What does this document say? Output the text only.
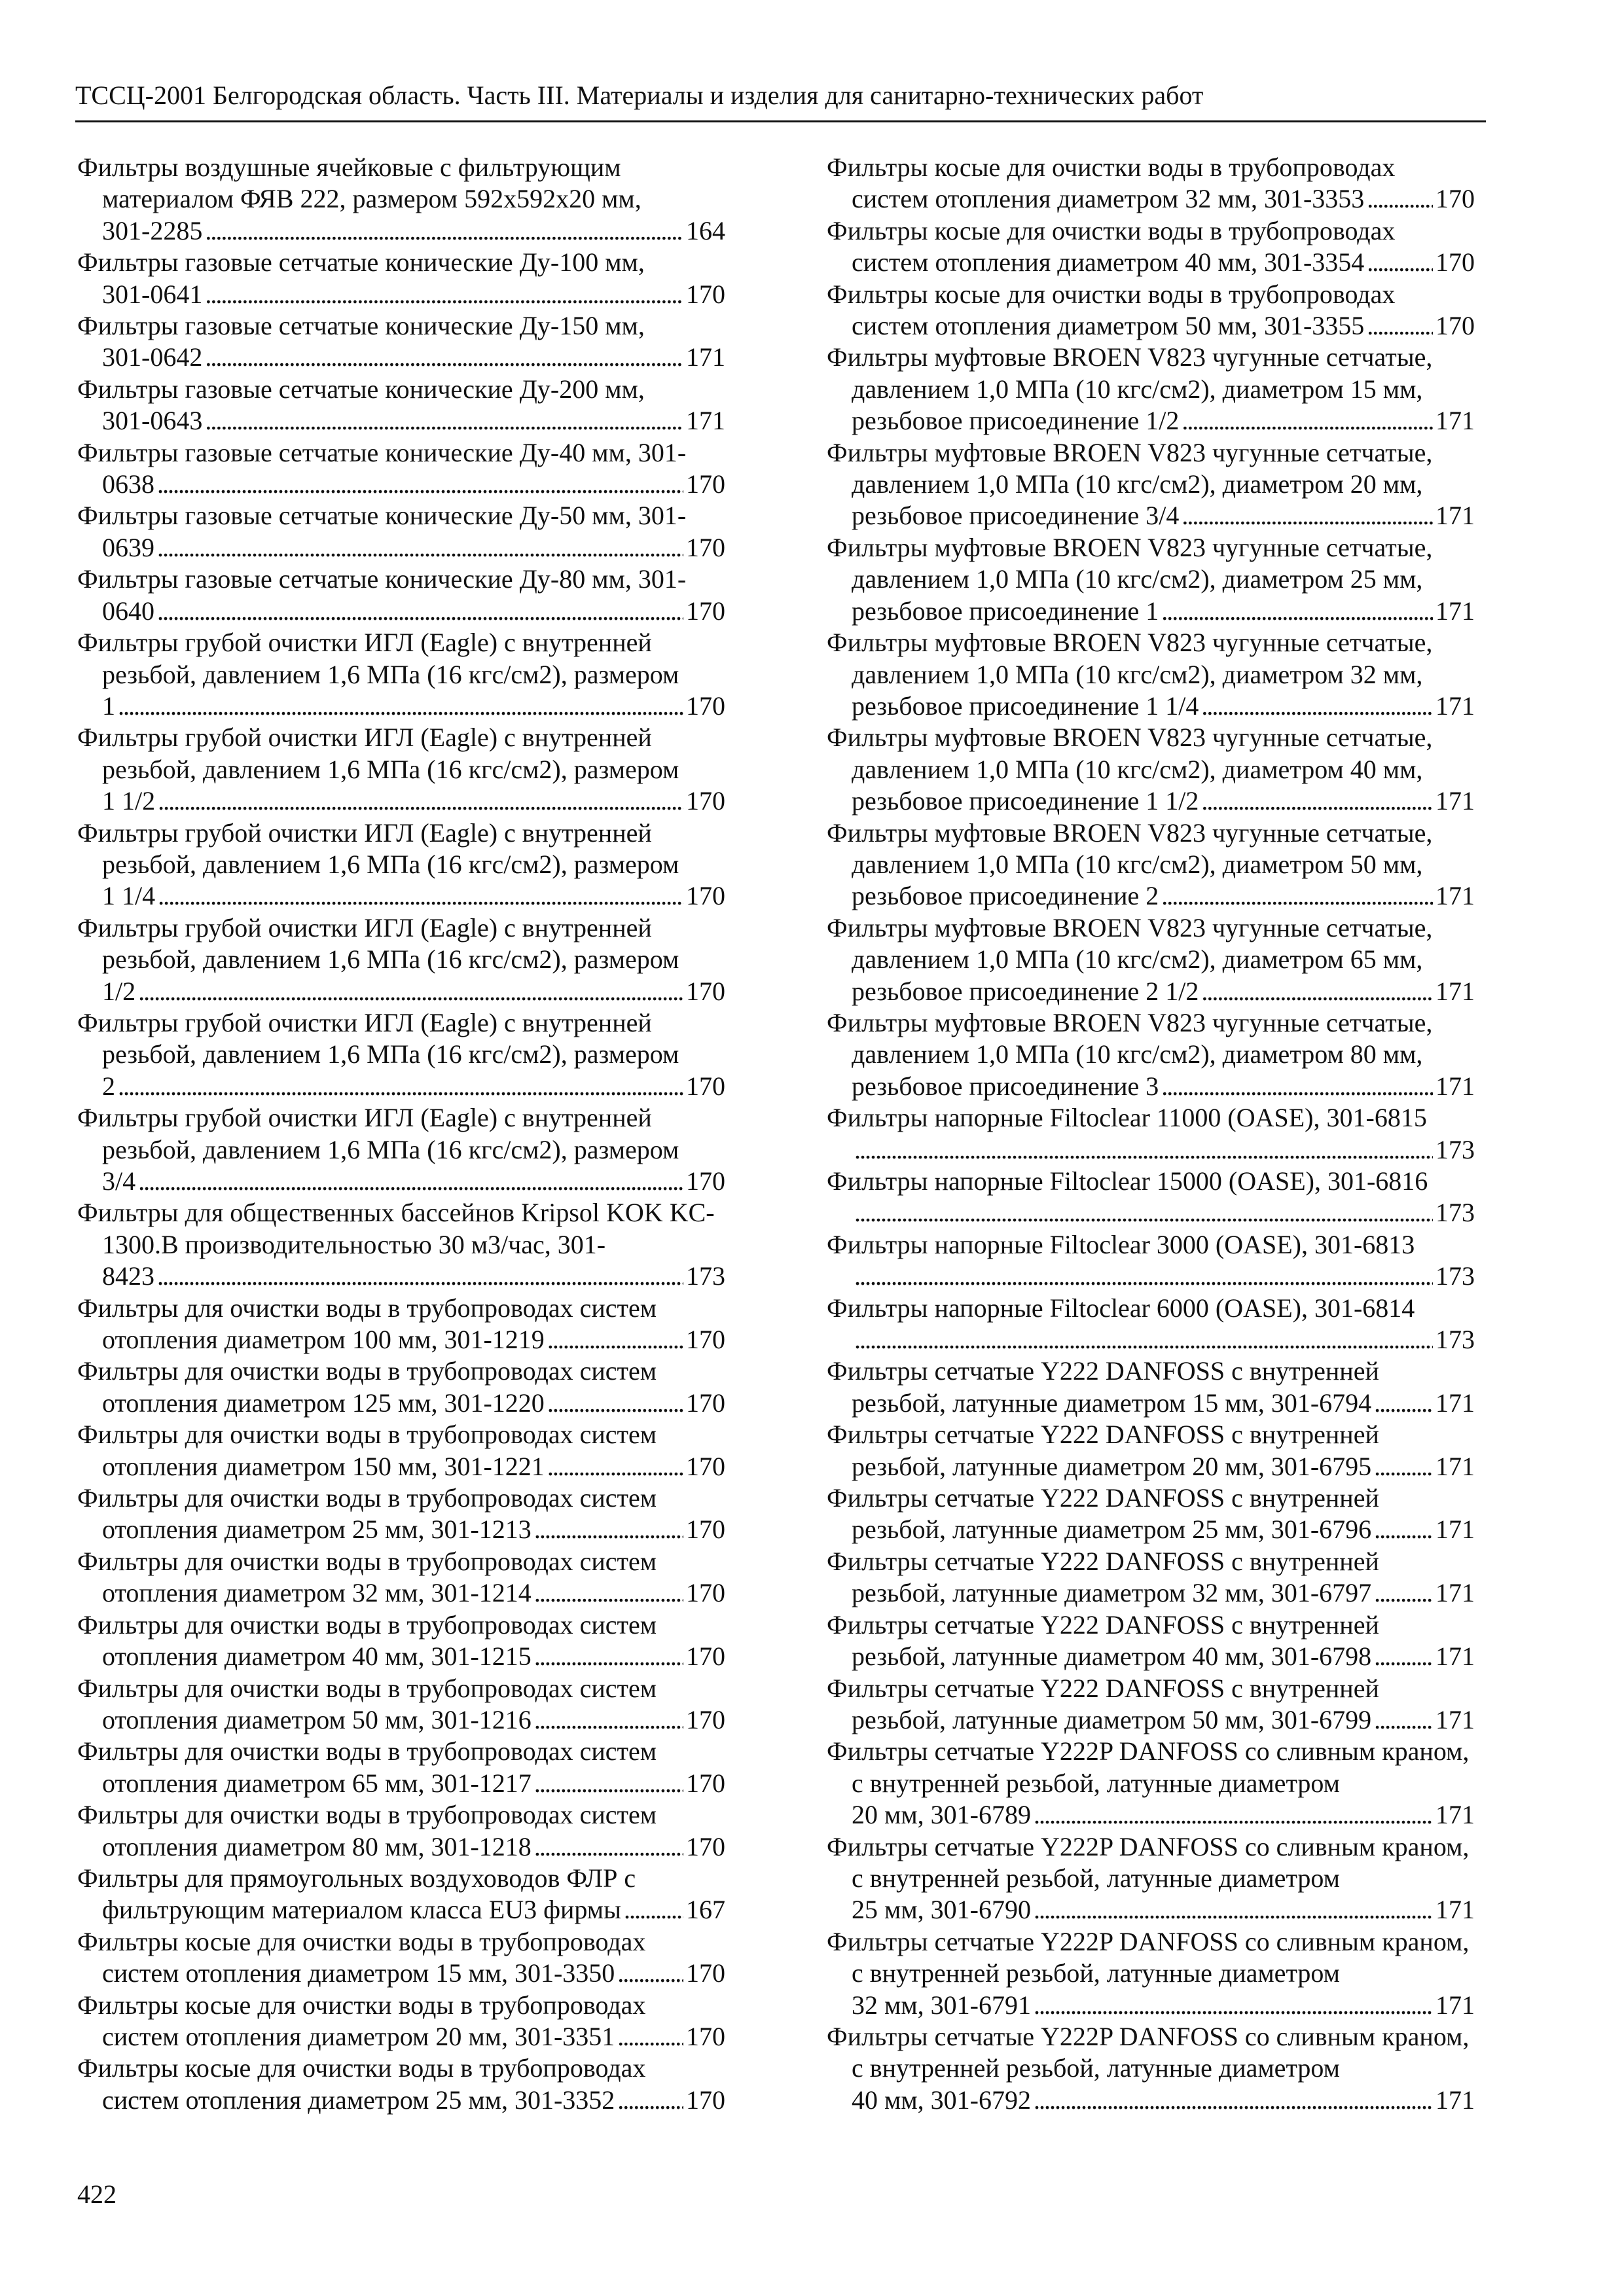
ТССЦ-2001 Белгородская область. Часть III. Материалы и изделия для санитарно-технических работ
Фильтры воздушные ячейковые с фильтрующим материалом ФЯВ 222, размером 592х592х20 мм,
301-2285 . . .	164
Фильтры газовые сетчатые конические Ду-100 мм,
301-0641 . . .	170
Фильтры газовые сетчатые конические Ду-150 мм,
301-0642 . . .	171
Фильтры газовые сетчатые конические Ду-200 мм,
301-0643 . . .	171
Фильтры газовые сетчатые конические Ду-40 мм, 301-
0638 . . .	170
Фильтры газовые сетчатые конические Ду-50 мм, 301-
0639 . . .	170
Фильтры газовые сетчатые конические Ду-80 мм, 301-
0640 . . .	170
Фильтры грубой очистки ИГЛ (Eagle) с внутренней резьбой, давлением 1,6 МПа (16 кгс/см2), размером
1 . . .	170
Фильтры грубой очистки ИГЛ (Eagle) с внутренней резьбой, давлением 1,6 МПа (16 кгс/см2), размером
1 1/2 . . .	170
Фильтры грубой очистки ИГЛ (Eagle) с внутренней резьбой, давлением 1,6 МПа (16 кгс/см2), размером
1 1/4 . . .	170
Фильтры грубой очистки ИГЛ (Eagle) с внутренней резьбой, давлением 1,6 МПа (16 кгс/см2), размером
1/2 . . .	170
Фильтры грубой очистки ИГЛ (Eagle) с внутренней резьбой, давлением 1,6 МПа (16 кгс/см2), размером
2 . . .	170
Фильтры грубой очистки ИГЛ (Eagle) с внутренней резьбой, давлением 1,6 МПа (16 кгс/см2), размером
3/4 . . .	170
Фильтры для общественных бассейнов Kripsol KOK KC-1300.B производительностью 30 м3/час, 301-
8423 . . .	173
Фильтры для очистки воды в трубопроводах систем
отопления диаметром 100 мм, 301-1219 . . .	170
Фильтры для очистки воды в трубопроводах систем
отопления диаметром 125 мм, 301-1220 . . .	170
Фильтры для очистки воды в трубопроводах систем
отопления диаметром 150 мм, 301-1221 . . .	170
Фильтры для очистки воды в трубопроводах систем
отопления диаметром 25 мм, 301-1213 . . .	170
Фильтры для очистки воды в трубопроводах систем
отопления диаметром 32 мм, 301-1214 . . .	170
Фильтры для очистки воды в трубопроводах систем
отопления диаметром 40 мм, 301-1215 . . .	170
Фильтры для очистки воды в трубопроводах систем
отопления диаметром 50 мм, 301-1216 . . .	170
Фильтры для очистки воды в трубопроводах систем
отопления диаметром 65 мм, 301-1217 . . .	170
Фильтры для очистки воды в трубопроводах систем
отопления диаметром 80 мм, 301-1218 . . .	170
Фильтры для прямоугольных воздуховодов ФЛР с
фильтрующим материалом класса EU3 фирмы . . . 167
Фильтры косые для очистки воды в трубопроводах
систем отопления диаметром 15 мм, 301-3350 . . .	170
Фильтры косые для очистки воды в трубопроводах
систем отопления диаметром 20 мм, 301-3351 . . .	170
Фильтры косые для очистки воды в трубопроводах
систем отопления диаметром 25 мм, 301-3352 . . .	170
Фильтры косые для очистки воды в трубопроводах
систем отопления диаметром 32 мм, 301-3353 . . .	170
Фильтры косые для очистки воды в трубопроводах
систем отопления диаметром 40 мм, 301-3354 . . .	170
Фильтры косые для очистки воды в трубопроводах
систем отопления диаметром 50 мм, 301-3355 . . .	170
Фильтры муфтовые BROEN V823 чугунные сетчатые, давлением 1,0 МПа (10 кгс/см2), диаметром 15 мм,
резьбовое присоединение 1/2 . . .	171
Фильтры муфтовые BROEN V823 чугунные сетчатые, давлением 1,0 МПа (10 кгс/см2), диаметром 20 мм,
резьбовое присоединение 3/4 . . .	171
Фильтры муфтовые BROEN V823 чугунные сетчатые, давлением 1,0 МПа (10 кгс/см2), диаметром 25 мм,
резьбовое присоединение 1 . . .	171
Фильтры муфтовые BROEN V823 чугунные сетчатые, давлением 1,0 МПа (10 кгс/см2), диаметром 32 мм,
резьбовое присоединение 1 1/4 . . .	171
Фильтры муфтовые BROEN V823 чугунные сетчатые, давлением 1,0 МПа (10 кгс/см2), диаметром 40 мм,
резьбовое присоединение 1 1/2 . . .	171
Фильтры муфтовые BROEN V823 чугунные сетчатые, давлением 1,0 МПа (10 кгс/см2), диаметром 50 мм,
резьбовое присоединение 2 . . .	171
Фильтры муфтовые BROEN V823 чугунные сетчатые, давлением 1,0 МПа (10 кгс/см2), диаметром 65 мм,
резьбовое присоединение 2 1/2 . . .	171
Фильтры муфтовые BROEN V823 чугунные сетчатые, давлением 1,0 МПа (10 кгс/см2), диаметром 80 мм,
резьбовое присоединение 3 . . .	171
Фильтры напорные Filtoclear 11000 (OASE), 301-6815
. . .
173
Фильтры напорные Filtoclear 15000 (OASE), 301-6816
. . .
173
Фильтры напорные Filtoclear 3000 (OASE), 301-6813
. . .
173
Фильтры напорные Filtoclear 6000 (OASE), 301-6814
. . .
173
Фильтры сетчатые Y222 DANFOSS с внутренней
резьбой, латунные диаметром 15 мм, 301-6794 . . . 171
Фильтры сетчатые Y222 DANFOSS с внутренней
резьбой, латунные диаметром 20 мм, 301-6795 . . . 171
Фильтры сетчатые Y222 DANFOSS с внутренней
резьбой, латунные диаметром 25 мм, 301-6796 . . . 171
Фильтры сетчатые Y222 DANFOSS с внутренней
резьбой, латунные диаметром 32 мм, 301-6797 . . . 171
Фильтры сетчатые Y222 DANFOSS с внутренней
резьбой, латунные диаметром 40 мм, 301-6798 . . . 171
Фильтры сетчатые Y222 DANFOSS с внутренней
резьбой, латунные диаметром 50 мм, 301-6799 . . . 171
Фильтры сетчатые Y222P DANFOSS со сливным краном, с внутренней резьбой, латунные диаметром
20 мм, 301-6789 . . .	171
Фильтры сетчатые Y222P DANFOSS со сливным краном, с внутренней резьбой, латунные диаметром
25 мм, 301-6790 . . .	171
Фильтры сетчатые Y222P DANFOSS со сливным краном, с внутренней резьбой, латунные диаметром
32 мм, 301-6791 . . .	171
Фильтры сетчатые Y222P DANFOSS со сливным краном, с внутренней резьбой, латунные диаметром
40 мм, 301-6792 . . .	171
422
